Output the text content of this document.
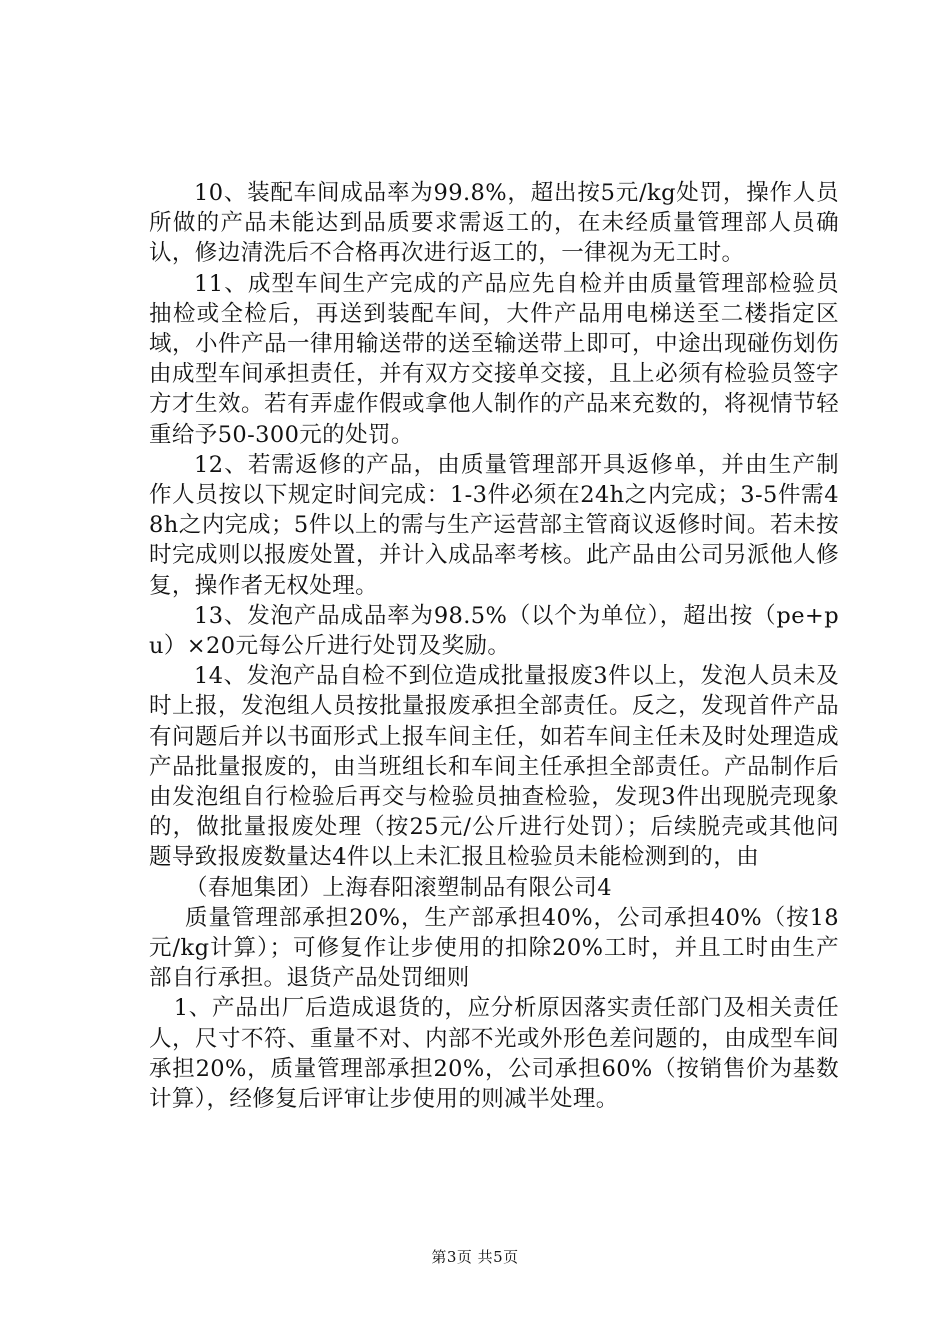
10、装配车间成品率为99.8%，超出按5元/kg处罚，操作人员所做的产品未能达到品质要求需返工的，在未经质量管理部人员确认，修边清洗后不合格再次进行返工的，一律视为无工时。

11、成型车间生产完成的产品应先自检并由质量管理部检验员抽检或全检后，再送到装配车间，大件产品用电梯送至二楼指定区域，小件产品一律用输送带的送至输送带上即可，中途出现碰伤划伤由成型车间承担责任，并有双方交接单交接，且上必须有检验员签字方才生效。若有弄虚作假或拿他人制作的产品来充数的，将视情节轻重给予50-300元的处罚。

12、若需返修的产品，由质量管理部开具返修单，并由生产制作人员按以下规定时间完成：1-3件必须在24h之内完成；3-5件需48h之内完成；5件以上的需与生产运营部主管商议返修时间。若未按时完成则以报废处置，并计入成品率考核。此产品由公司另派他人修复，操作者无权处理。

13、发泡产品成品率为98.5%（以个为单位），超出按（pe+pu）×20元每公斤进行处罚及奖励。

14、发泡产品自检不到位造成批量报废3件以上，发泡人员未及时上报，发泡组人员按批量报废承担全部责任。反之，发现首件产品有问题后并以书面形式上报车间主任，如若车间主任未及时处理造成产品批量报废的，由当班组长和车间主任承担全部责任。产品制作后由发泡组自行检验后再交与检验员抽查检验，发现3件出现脱壳现象的，做批量报废处理（按25元/公斤进行处罚）；后续脱壳或其他问题导致报废数量达4件以上未汇报且检验员未能检测到的，由

（春旭集团）上海春阳滚塑制品有限公司4

质量管理部承担20%，生产部承担40%，公司承担40%（按18元/kg计算）；可修复作让步使用的扣除20%工时，并且工时由生产部自行承担。退货产品处罚细则

1、产品出厂后造成退货的，应分析原因落实责任部门及相关责任人，尺寸不符、重量不对、内部不光或外形色差问题的，由成型车间承担20%，质量管理部承担20%，公司承担60%（按销售价为基数计算），经修复后评审让步使用的则减半处理。

第3页 共5页
